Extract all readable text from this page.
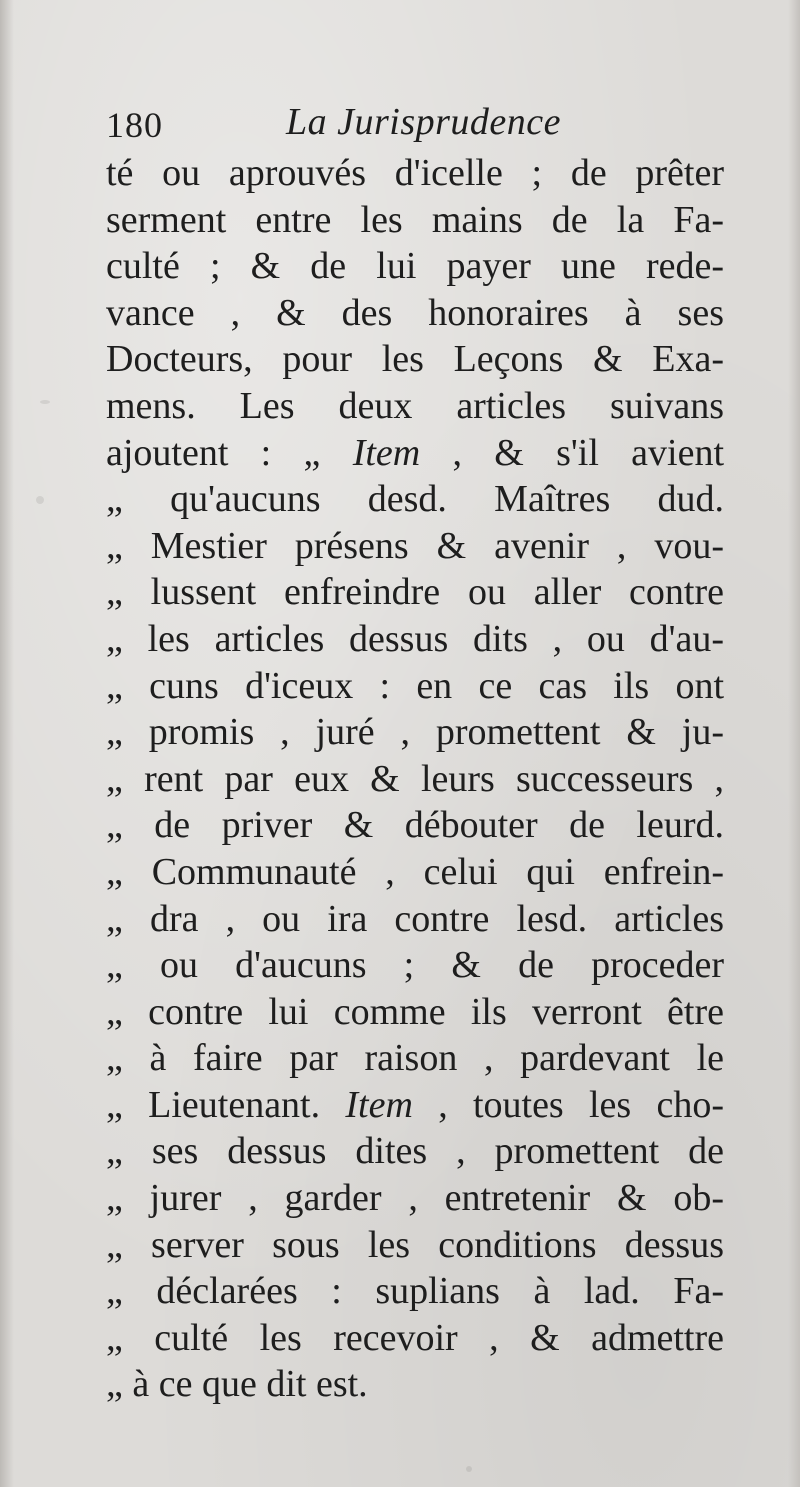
180	La Jurisprudence
té ou aprouvés d'icelle ; de prêter
serment entre les mains de la Fa-
culté ; & de lui payer une rede-
vance , & des honoraires à ses
Docteurs, pour les Leçons & Exa-
mens. Les deux articles suivans
ajoutent : „ Item , & s'il avient
„ qu'aucuns desd. Maîtres dud.
„ Mestier présens & avenir , vou-
„ lussent enfreindre ou aller contre
„ les articles dessus dits , ou d'au-
„ cuns d'iceux : en ce cas ils ont
„ promis , juré , promettent & ju-
„ rent par eux & leurs successeurs ,
„ de priver & débouter de leurd.
„ Communauté , celui qui enfrein-
„ dra , ou ira contre lesd. articles
„ ou d'aucuns ; & de proceder
„ contre lui comme ils verront être
„ à faire par raison , pardevant le
„ Lieutenant. Item , toutes les cho-
„ ses dessus dites , promettent de
„ jurer , garder , entretenir & ob-
„ server sous les conditions dessus
„ déclarées : suplians à lad. Fa-
„ culté les recevoir , & admettre
„ à ce que dit est.
